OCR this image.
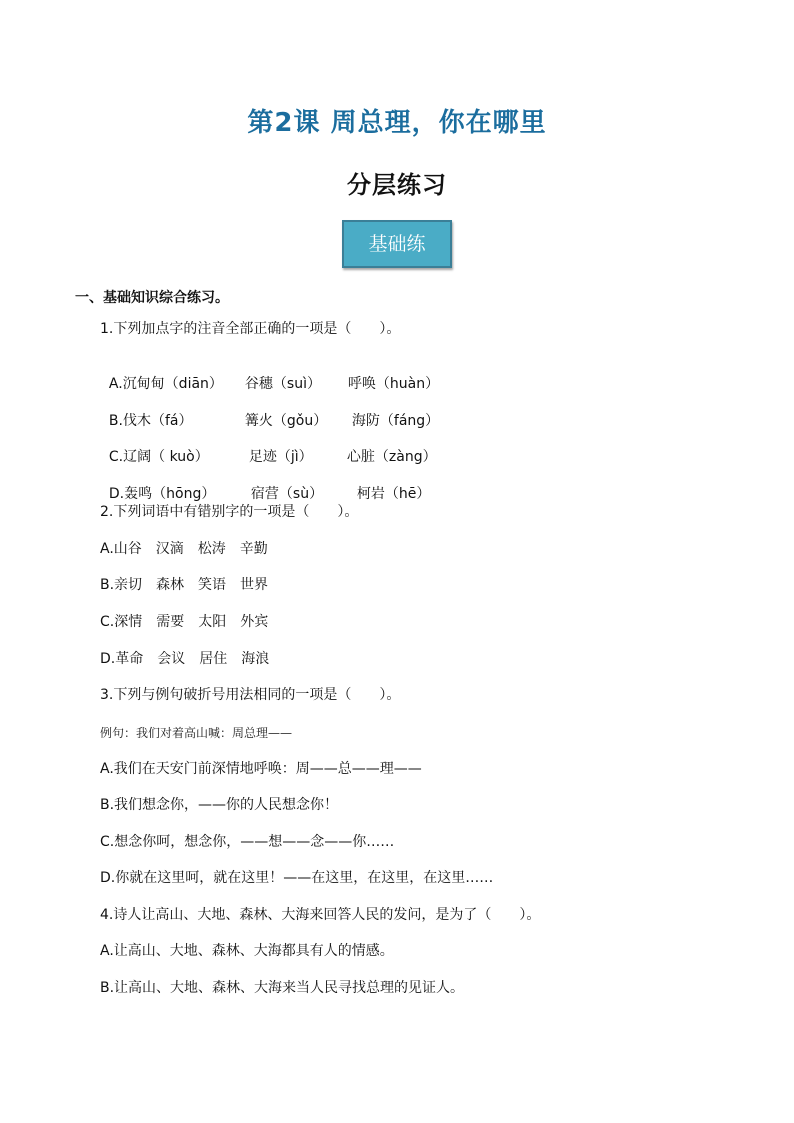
第2课 周总理，你在哪里
分层练习
基础练
一、基础知识综合练习。
1.下列加点字的注音全部正确的一项是（　　）。

A.沉甸甸（diān） 谷穗（suì） 呼唤（huàn）

B.伐木（fá）	篝火（gǒu） 海防（fáng）

C.辽阔（ kuò）	足迹（jì） 心脏（zàng）

D.轰鸣（hōng）	宿营（sù） 柯岩（hē）

2.下列词语中有错别字的一项是（　　）。
A.山谷　汉滴　松涛　辛勤
B.亲切　森林　笑语　世界
C.深情　需要　太阳　外宾
D.革命　会议　居住　海浪
3.下列与例句破折号用法相同的一项是（　　）。
例句：我们对着高山喊：周总理——
A.我们在天安门前深情地呼唤：周——总——理——
B.我们想念你，——你的人民想念你！
C.想念你呵，想念你，——想——念——你……
D.你就在这里呵，就在这里！——在这里，在这里，在这里……
4.诗人让高山、大地、森林、大海来回答人民的发问，是为了（　　）。
A.让高山、大地、森林、大海都具有人的情感。
B.让高山、大地、森林、大海来当人民寻找总理的见证人。
